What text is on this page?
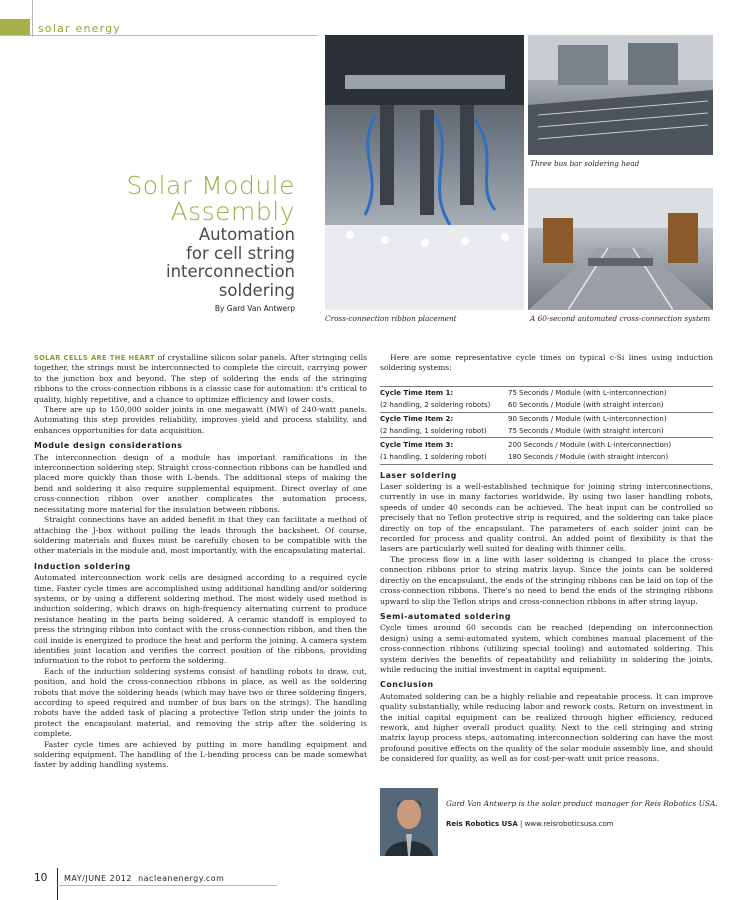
solar energy
Solar Module
Assembly
Automation
for cell string
interconnection
soldering
By Gard Van Antwerp
Cross-connection ribbon placement
Three bus bar soldering head
A 60-second automated cross-connection system

SOLAR CELLS ARE THE HEART of crystalline silicon solar panels. After stringing cells together, the strings must be interconnected to complete the circuit, carrying power to the junction box and beyond. The step of soldering the ends of the stringing ribbons to the cross-connection ribbons is a classic case for automation: it's critical to quality, highly repetitive, and a chance to optimize efficiency and lower costs.

There are up to 150,000 solder joints in one megawatt (MW) of 240-watt panels. Automating this step provides reliability, improves yield and process stability, and enhances opportunities for data acquisition.

Module design considerations

The interconnection design of a module has important ramifications in the interconnection soldering step. Straight cross-connection ribbons can be handled and placed more quickly than those with L-bends. The additional steps of making the bend and soldering it also require supplemental equipment. Direct overlay of one cross-connection ribbon over another complicates the automation process, necessitating more material for the insulation between ribbons.

Straight connections have an added benefit in that they can facilitate a method of attaching the J-box without pulling the leads through the backsheet. Of course, soldering materials and fluxes must be carefully chosen to be compatible with the other materials in the module and, most importantly, with the encapsulating material.

Induction soldering

Automated interconnection work cells are designed according to a required cycle time. Faster cycle times are accomplished using additional handling and/or soldering systems, or by using a different soldering method. The most widely used method is induction soldering, which draws on high-frequency alternating current to produce resistance heating in the parts being soldered. A ceramic standoff is employed to press the stringing ribbon into contact with the cross-connection ribbon, and then the coil inside is energized to produce the heat and perform the joining. A camera system identifies joint location and verifies the correct position of the ribbons, providing information to the robot to perform the soldering.

Each of the induction soldering systems consist of handling robots to draw, cut, position, and hold the cross-connection ribbons in place, as well as the soldering robots that move the soldering heads (which may have two or three soldering fingers, according to speed required and number of bus bars on the strings). The handling robots have the added task of placing a protective Teflon strip under the joints to protect the encapsulant material, and removing the strip after the soldering is complete.

Faster cycle times are achieved by putting in more handling equipment and soldering equipment. The handling of the L-bending process can be made somewhat faster by adding handling systems.

Here are some representative cycle times on typical c-Si lines using induction soldering systems:

Cycle Time Item 1:	75 Seconds / Module (with L-interconnection)
(2 handling, 2 soldering robots)	60 Seconds / Module (with straight intercon)
Cycle Time Item 2:	90 Seconds / Module (with L-interconnection)
(2 handling, 1 soldering robot)	75 Seconds / Module (with straight intercon)
Cycle Time Item 3:	200 Seconds / Module (with L-interconnection)
(1 handling, 1 soldering robot)	180 Seconds / Module (with straight intercon)
Laser soldering

Laser soldering is a well-established technique for joining string interconnections, currently in use in many factories worldwide. By using two laser handling robots, speeds of under 40 seconds can be achieved. The heat input can be controlled so precisely that no Teflon protective strip is required, and the soldering can take place directly on top of the encapsulant. The parameters of each solder joint can be recorded for process and quality control. An added point of flexibility is that the lasers are particularly well suited for dealing with thinner cells.

The process flow in a line with laser soldering is changed to place the cross-connection ribbons prior to string matrix layup. Since the joints can be soldered directly on the encapsulant, the ends of the stringing ribbons can be laid on top of the cross-connection ribbons. There's no need to bend the ends of the stringing ribbons upward to slip the Teflon strips and cross-connection ribbons in after string layup.

Semi-automated soldering

Cycle times around 60 seconds can be reached (depending on interconnection design) using a semi-automated system, which combines manual placement of the cross-connection ribbons (utilizing special tooling) and automated soldering. This system derives the benefits of repeatability and reliability in soldering the joints, while reducing the initial investment in capital equipment.

Conclusion

Automated soldering can be a highly reliable and repeatable process. It can improve quality substantially, while reducing labor and rework costs. Return on investment in the initial capital equipment can be realized through higher efficiency, reduced rework, and higher overall product quality. Next to the cell stringing and string matrix layup process steps, automating interconnection soldering can have the most profound positive effects on the quality of the solar module assembly line, and should be considered for quality, as well as for cost-per-watt unit price reasons.

Gard Van Antwerp is the solar product manager for Reis Robotics USA.
Reis Robotics USA | www.reisroboticsusa.com
10 MAY/JUNE 2012 nacleanenergy.com
